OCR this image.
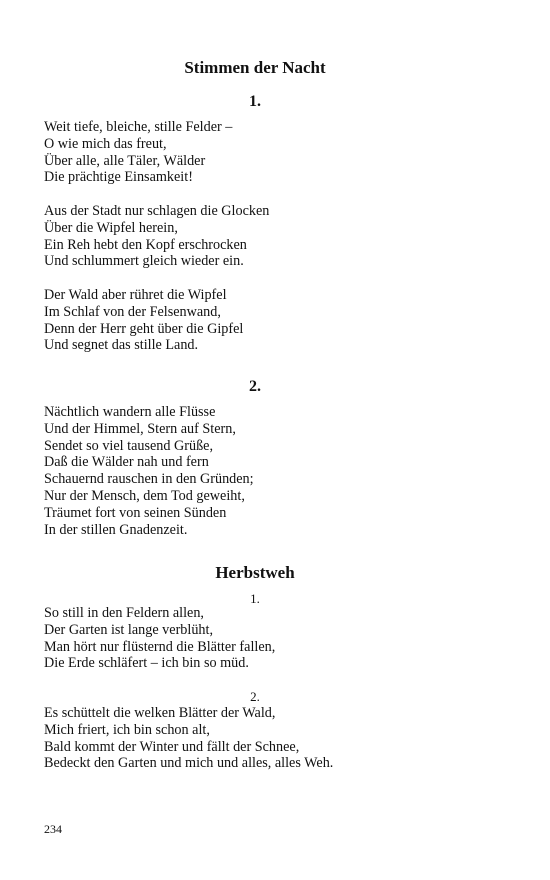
Stimmen der Nacht
1.
Weit tiefe, bleiche, stille Felder –
O wie mich das freut,
Über alle, alle Täler, Wälder
Die prächtige Einsamkeit!
Aus der Stadt nur schlagen die Glocken
Über die Wipfel herein,
Ein Reh hebt den Kopf erschrocken
Und schlummert gleich wieder ein.
Der Wald aber rühret die Wipfel
Im Schlaf von der Felsenwand,
Denn der Herr geht über die Gipfel
Und segnet das stille Land.
2.
Nächtlich wandern alle Flüsse
Und der Himmel, Stern auf Stern,
Sendet so viel tausend Grüße,
Daß die Wälder nah und fern
Schauernd rauschen in den Gründen;
Nur der Mensch, dem Tod geweiht,
Träumet fort von seinen Sünden
In der stillen Gnadenzeit.
Herbstweh
1.
So still in den Feldern allen,
Der Garten ist lange verblüht,
Man hört nur flüsternd die Blätter fallen,
Die Erde schläfert – ich bin so müd.
2.
Es schüttelt die welken Blätter der Wald,
Mich friert, ich bin schon alt,
Bald kommt der Winter und fällt der Schnee,
Bedeckt den Garten und mich und alles, alles Weh.
234
